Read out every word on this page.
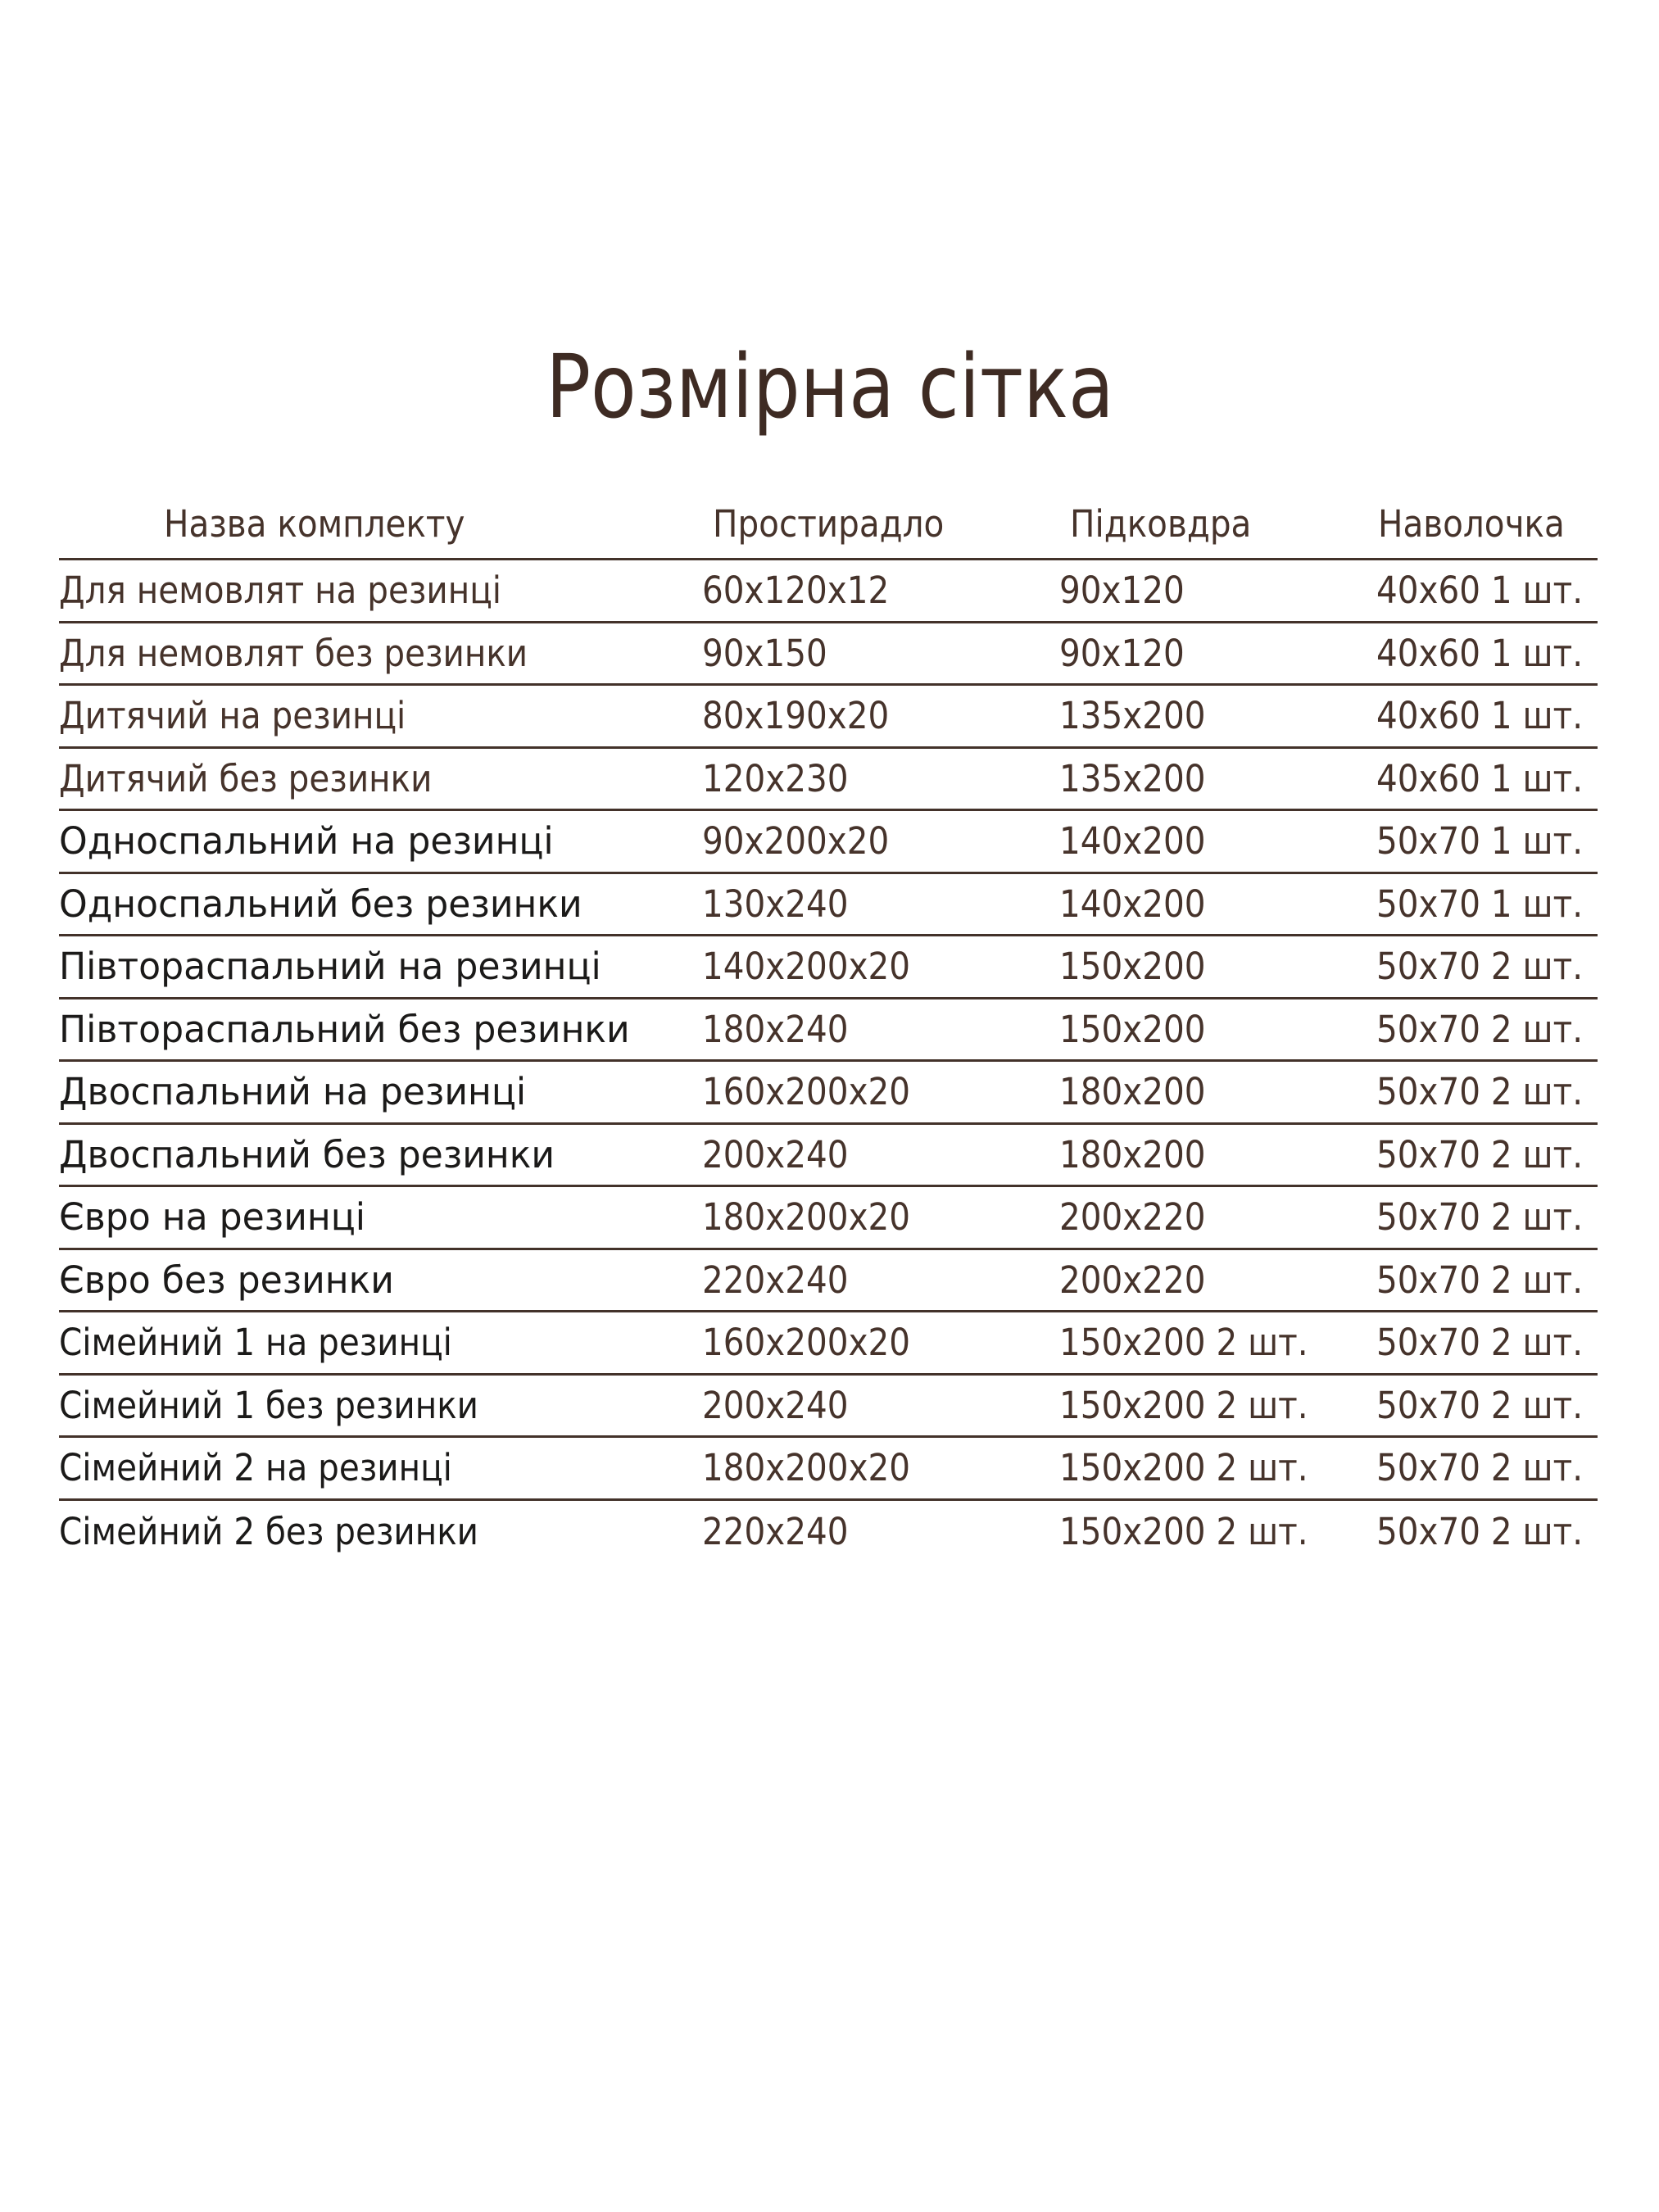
Розмірна сітка
Назва комплекту	Простирадло	Підковдра	Наволочка
Для немовлят на резинці	60х120х12	90х120	40х60 1 шт.
Для немовлят без резинки	90х150	90х120	40х60 1 шт.
Дитячий на резинці	80х190х20	135х200	40х60 1 шт.
Дитячий без резинки	120х230	135х200	40х60 1 шт.
Односпальний на резинці	90х200х20	140х200	50х70 1 шт.
Односпальний без резинки	130х240	140х200	50х70 1 шт.
Півтораспальний на резинці	140х200х20	150х200	50х70 2 шт.
Півтораспальний без резинки	180х240	150х200	50х70 2 шт.
Двоспальний на резинці	160х200х20	180х200	50х70 2 шт.
Двоспальний без резинки	200х240	180х200	50х70 2 шт.
Євро на резинці	180х200х20	200х220	50х70 2 шт.
Євро без резинки	220х240	200х220	50х70 2 шт.
Сімейний 1 на резинці	160х200х20	150х200 2 шт.	50х70 2 шт.
Сімейний 1 без резинки	200х240	150х200 2 шт.	50х70 2 шт.
Сімейний 2 на резинці	180х200х20	150х200 2 шт.	50х70 2 шт.
Сімейний 2 без резинки	220х240	150х200 2 шт.	50х70 2 шт.
